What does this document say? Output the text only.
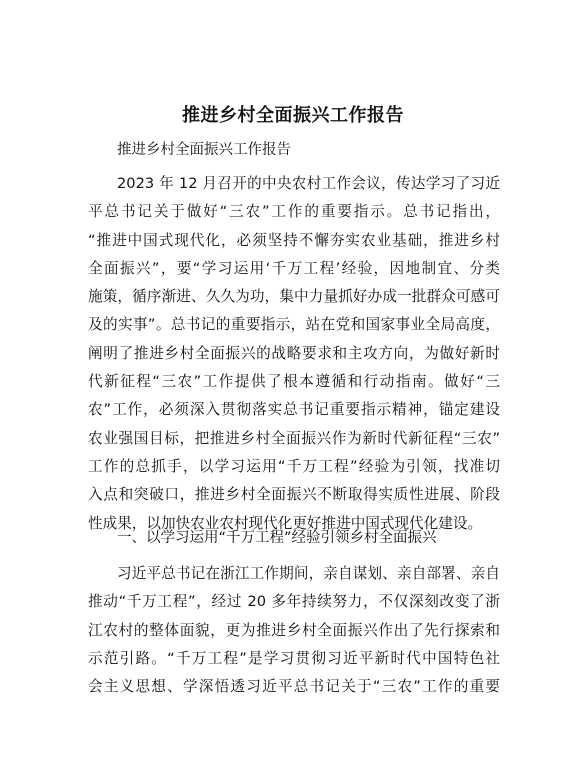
推进乡村全面振兴工作报告
推进乡村全面振兴工作报告
2023 年 12 月召开的中央农村工作会议，传达学习了习近
平总书记关于做好“三农”工作的重要指示。总书记指出，
“推进中国式现代化，必须坚持不懈夯实农业基础，推进乡村
全面振兴”，要“学习运用‘千万工程’经验，因地制宜、分类
施策，循序渐进、久久为功，集中力量抓好办成一批群众可感可
及的实事”。总书记的重要指示，站在党和国家事业全局高度，
阐明了推进乡村全面振兴的战略要求和主攻方向，为做好新时
代新征程“三农”工作提供了根本遵循和行动指南。做好“三
农”工作，必须深入贯彻落实总书记重要指示精神，锚定建设
农业强国目标，把推进乡村全面振兴作为新时代新征程“三农”
工作的总抓手，以学习运用“千万工程”经验为引领，找准切
入点和突破口，推进乡村全面振兴不断取得实质性进展、阶段
性成果，以加快农业农村现代化更好推进中国式现代化建设。
一、以学习运用“千万工程”经验引领乡村全面振兴
习近平总书记在浙江工作期间，亲自谋划、亲自部署、亲自
推动“千万工程”，经过 20 多年持续努力，不仅深刻改变了浙
江农村的整体面貌，更为推进乡村全面振兴作出了先行探索和
示范引路。“千万工程”是学习贯彻习近平新时代中国特色社
会主义思想、学深悟透习近平总书记关于“三农”工作的重要
